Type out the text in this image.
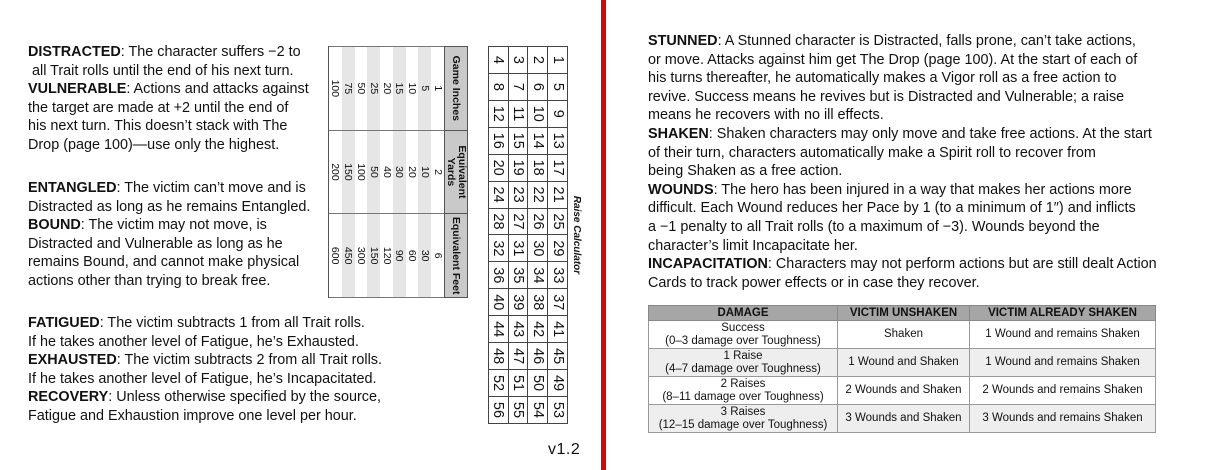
DISTRACTED: The character suffers −2 to
all Trait rolls until the end of his next turn.
VULNERABLE: Actions and attacks against
the target are made at +2 until the end of
his next turn. This doesn’t stack with The
Drop (page 100)—use only the highest.

ENTANGLED: The victim can’t move and is
Distracted as long as he remains Entangled.
BOUND: The victim may not move, is
Distracted and Vulnerable as long as he
remains Bound, and cannot make physical
actions other than trying to break free.

FATIGUED: The victim subtracts 1 from all Trait rolls.
If he takes another level of Fatigue, he’s Exhausted.
EXHAUSTED: The victim subtracts 2 from all Trait rolls.
If he takes another level of Fatigue, he’s Incapacitated.
RECOVERY: Unless otherwise specified by the source,
Fatigue and Exhaustion improve one level per hour.

Game Inches	Equivalent Yards	Equivalent Feet
1	2	6
5	10	30
10	20	60
15	30	90
20	40	120
25	50	150
50	100	300
75	150	450
100	200	600	Raise Calculator
1	5	9	13	17	21	25	29	33	37	41	45	49	53
2	6	10	14	18	22	26	30	34	38	42	46	50	54
3	7	11	15	19	23	27	31	35	39	43	47	51	55
4	8	12	16	20	24	28	32	36	40	44	48	52	56
v1.2

STUNNED: A Stunned character is Distracted, falls prone, can’t take actions,
or move. Attacks against him get The Drop (page 100). At the start of each of
his turns thereafter, he automatically makes a Vigor roll as a free action to
revive. Success means he revives but is Distracted and Vulnerable; a raise
means he recovers with no ill effects.
SHAKEN: Shaken characters may only move and take free actions. At the start
of their turn, characters automatically make a Spirit roll to recover from
being Shaken as a free action.
WOUNDS: The hero has been injured in a way that makes her actions more
difficult. Each Wound reduces her Pace by 1 (to a minimum of 1″) and inflicts
a −1 penalty to all Trait rolls (to a maximum of −3). Wounds beyond the
character’s limit Incapacitate her.
INCAPACITATION: Characters may not perform actions but are still dealt Action
Cards to track power effects or in case they recover.

DAMAGE	VICTIM UNSHAKEN	VICTIM ALREADY SHAKEN
Success
(0–3 damage over Toughness)	Shaken	1 Wound and remains Shaken
1 Raise
(4–7 damage over Toughness)	1 Wound and Shaken	1 Wound and remains Shaken
2 Raises
(8–11 damage over Toughness)	2 Wounds and Shaken	2 Wounds and remains Shaken
3 Raises
(12–15 damage over Toughness)	3 Wounds and Shaken	3 Wounds and remains Shaken
